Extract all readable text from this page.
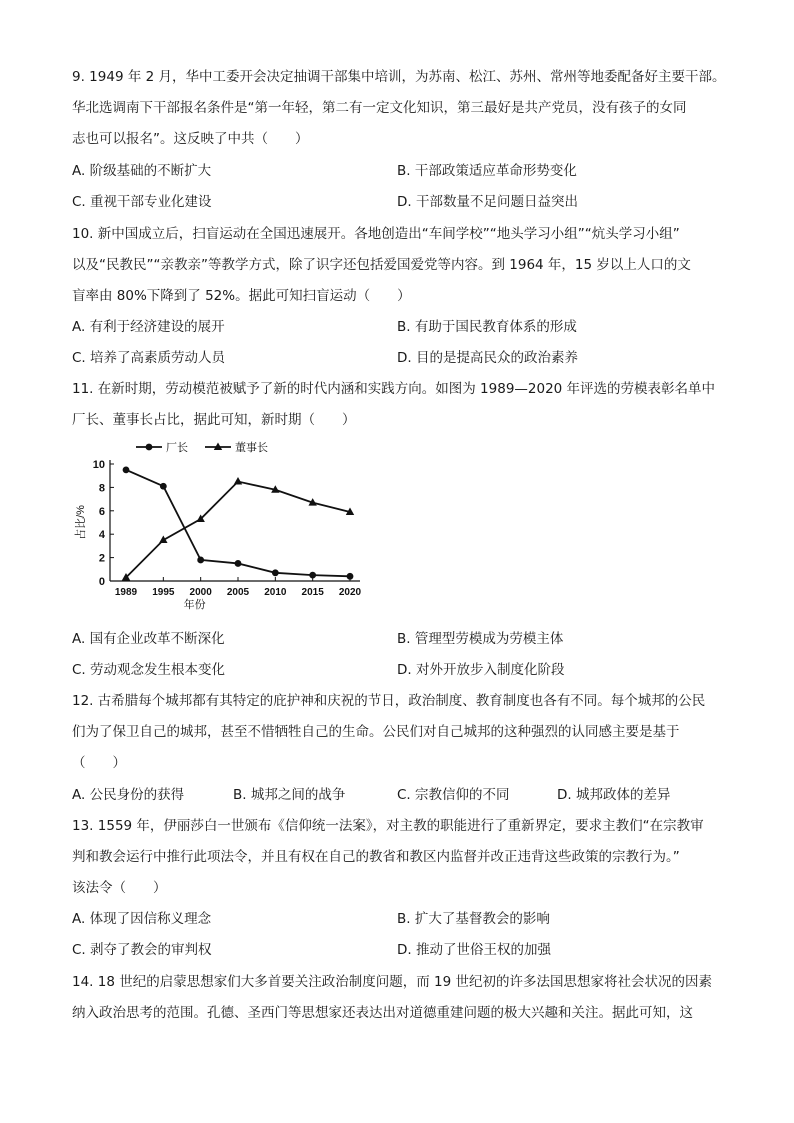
9. 1949 年 2 月，华中工委开会决定抽调干部集中培训，为苏南、松江、苏州、常州等地委配备好主要干部。
华北选调南下干部报名条件是“第一年轻，第二有一定文化知识，第三最好是共产党员，没有孩子的女同
志也可以报名”。这反映了中共（　　）
A. 阶级基础的不断扩大	B. 干部政策适应革命形势变化
C. 重视干部专业化建设	D. 干部数量不足问题日益突出
10. 新中国成立后，扫盲运动在全国迅速展开。各地创造出“车间学校”“地头学习小组”“炕头学习小组”
以及“民教民”“亲教亲”等教学方式，除了识字还包括爱国爱党等内容。到 1964 年，15 岁以上人口的文
盲率由 80%下降到了 52%。据此可知扫盲运动（　　）
A. 有利于经济建设的展开	B. 有助于国民教育体系的形成
C. 培养了高素质劳动人员	D. 目的是提高民众的政治素养
11. 在新时期，劳动模范被赋予了新的时代内涵和实践方向。如图为 1989—2020 年评选的劳模表彰名单中
厂长、董事长占比，据此可知，新时期（　　）
厂长	董事长
0
2
4
6
8
10
1989 1995 2000 2005 2010 2015 2020
年份
占比/%
A. 国有企业改革不断深化	B. 管理型劳模成为劳模主体
C. 劳动观念发生根本变化	D. 对外开放步入制度化阶段
12. 古希腊每个城邦都有其特定的庇护神和庆祝的节日，政治制度、教育制度也各有不同。每个城邦的公民
们为了保卫自己的城邦，甚至不惜牺牲自己的生命。公民们对自己城邦的这种强烈的认同感主要是基于
（　　）
A. 公民身份的获得	B. 城邦之间的战争	C. 宗教信仰的不同	D. 城邦政体的差异
13. 1559 年，伊丽莎白一世颁布《信仰统一法案》，对主教的职能进行了重新界定，要求主教们“在宗教审
判和教会运行中推行此项法令，并且有权在自己的教省和教区内监督并改正违背这些政策的宗教行为。”
该法令（　　）
A. 体现了因信称义理念	B. 扩大了基督教会的影响
C. 剥夺了教会的审判权	D. 推动了世俗王权的加强
14. 18 世纪的启蒙思想家们大多首要关注政治制度问题，而 19 世纪初的许多法国思想家将社会状况的因素
纳入政治思考的范围。孔德、圣西门等思想家还表达出对道德重建问题的极大兴趣和关注。据此可知，这
